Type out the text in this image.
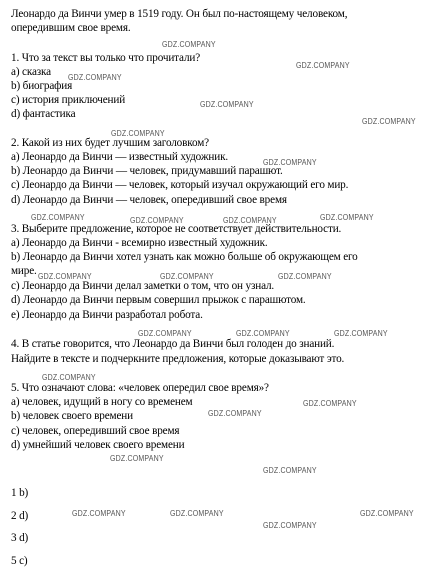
Леонардо да Винчи умер в 1519 году. Он был по-настоящему человеком,
опередившим свое время.
1. Что за текст вы только что прочитали?
а) сказка
b) биография
с) история приключений
d) фантастика
2. Какой из них будет лучшим заголовком?
а) Леонардо да Винчи — известный художник.
b) Леонардо да Винчи — человек, придумавший парашют.
с) Леонардо да Винчи — человек, который изучал окружающий его мир.
d) Леонардо да Винчи — человек, опередивший свое время
3. Выберите предложение, которое не соответствует действительности.
а) Леонардо да Винчи - всемирно известный художник.
b) Леонардо да Винчи хотел узнать как можно больше об окружающем его
мире.
с) Леонардо да Винчи делал заметки о том, что он узнал.
d) Леонардо да Винчи первым совершил прыжок с парашютом.
е) Леонардо да Винчи разработал робота.
4. В статье говорится, что Леонардо да Винчи был голоден до знаний.
Найдите в тексте и подчеркните предложения, которые доказывают это.
5. Что означают слова: «человек опередил свое время»?
а) человек, идущий в ногу со временем
b) человек своего времени
с) человек, опередивший свое время
d) умнейший человек своего времени
1 b)
2 d)
3 d)
5 c)
GDZ.COMPANY
GDZ.COMPANY
GDZ.COMPANY
GDZ.COMPANY
GDZ.COMPANY
GDZ.COMPANY
GDZ.COMPANY
GDZ.COMPANY	GDZ.COMPANY	GDZ.COMPANY	GDZ.COMPANY
GDZ.COMPANY	GDZ.COMPANY	GDZ.COMPANY
GDZ.COMPANY	GDZ.COMPANY	GDZ.COMPANY
GDZ.COMPANY
GDZ.COMPANY
GDZ.COMPANY
GDZ.COMPANY
GDZ.COMPANY
GDZ.COMPANY	GDZ.COMPANY	GDZ.COMPANY
GDZ.COMPANY
